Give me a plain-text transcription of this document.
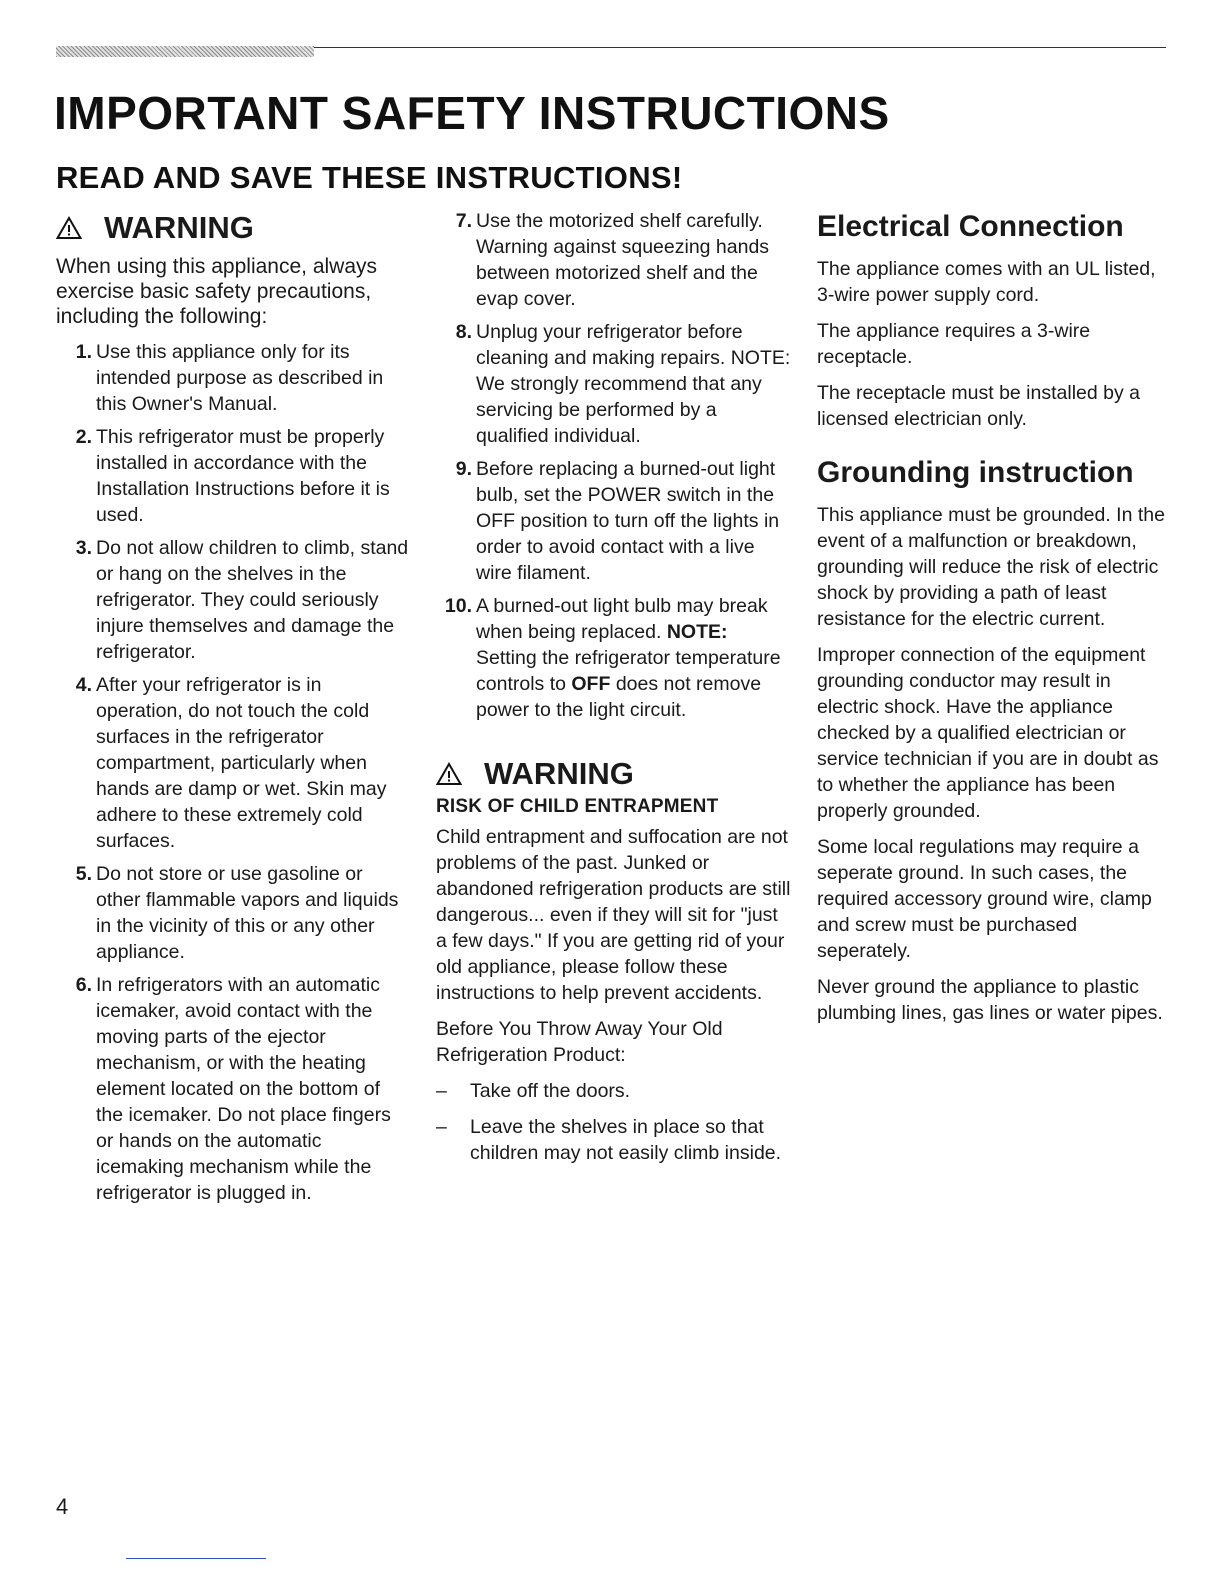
IMPORTANT SAFETY INSTRUCTIONS
READ AND SAVE THESE INSTRUCTIONS!
WARNING

When using this appliance, always exercise basic safety precautions, including the following:

1. Use this appliance only for its intended purpose as described in this Owner's Manual.
2. This refrigerator must be properly installed in accordance with the Installation Instructions before it is used.
3. Do not allow children to climb, stand or hang on the shelves in the refrigerator. They could seriously injure themselves and damage the refrigerator.
4. After your refrigerator is in operation, do not touch the cold surfaces in the refrigerator compartment, particularly when hands are damp or wet. Skin may adhere to these extremely cold surfaces.
5. Do not store or use gasoline or other flammable vapors and liquids in the vicinity of this or any other appliance.
6. In refrigerators with an automatic icemaker, avoid contact with the moving parts of the ejector mechanism, or with the heating element located on the bottom of the icemaker. Do not place fingers or hands on the automatic icemaking mechanism while the refrigerator is plugged in.
7. Use the motorized shelf carefully. Warning against squeezing hands between motorized shelf and the evap cover.
8. Unplug your refrigerator before cleaning and making repairs. NOTE: We strongly recommend that any servicing be performed by a qualified individual.
9. Before replacing a burned-out light bulb, set the POWER switch in the OFF position to turn off the lights in order to avoid contact with a live wire filament.
10. A burned-out light bulb may break when being replaced. NOTE: Setting the refrigerator temperature controls to OFF does not remove power to the light circuit.
WARNING
RISK OF CHILD ENTRAPMENT

Child entrapment and suffocation are not problems of the past. Junked or abandoned refrigeration products are still dangerous... even if they will sit for "just a few days." If you are getting rid of your old appliance, please follow these instructions to help prevent accidents.

Before You Throw Away Your Old Refrigeration Product:

–	Take off the doors.
–	Leave the shelves in place so that children may not easily climb inside.
Electrical Connection

The appliance comes with an UL listed, 3-wire power supply cord.

The appliance requires a 3-wire receptacle.

The receptacle must be installed by a licensed electrician only.

Grounding instruction

This appliance must be grounded. In the event of a malfunction or breakdown, grounding will reduce the risk of electric shock by providing a path of least resistance for the electric current.

Improper connection of the equipment grounding conductor may result in electric shock. Have the appliance checked by a qualified electrician or service technician if you are in doubt as to whether the appliance has been properly grounded.

Some local regulations may require a seperate ground. In such cases, the required accessory ground wire, clamp and screw must be purchased seperately.

Never ground the appliance to plastic plumbing lines, gas lines or water pipes.

4
